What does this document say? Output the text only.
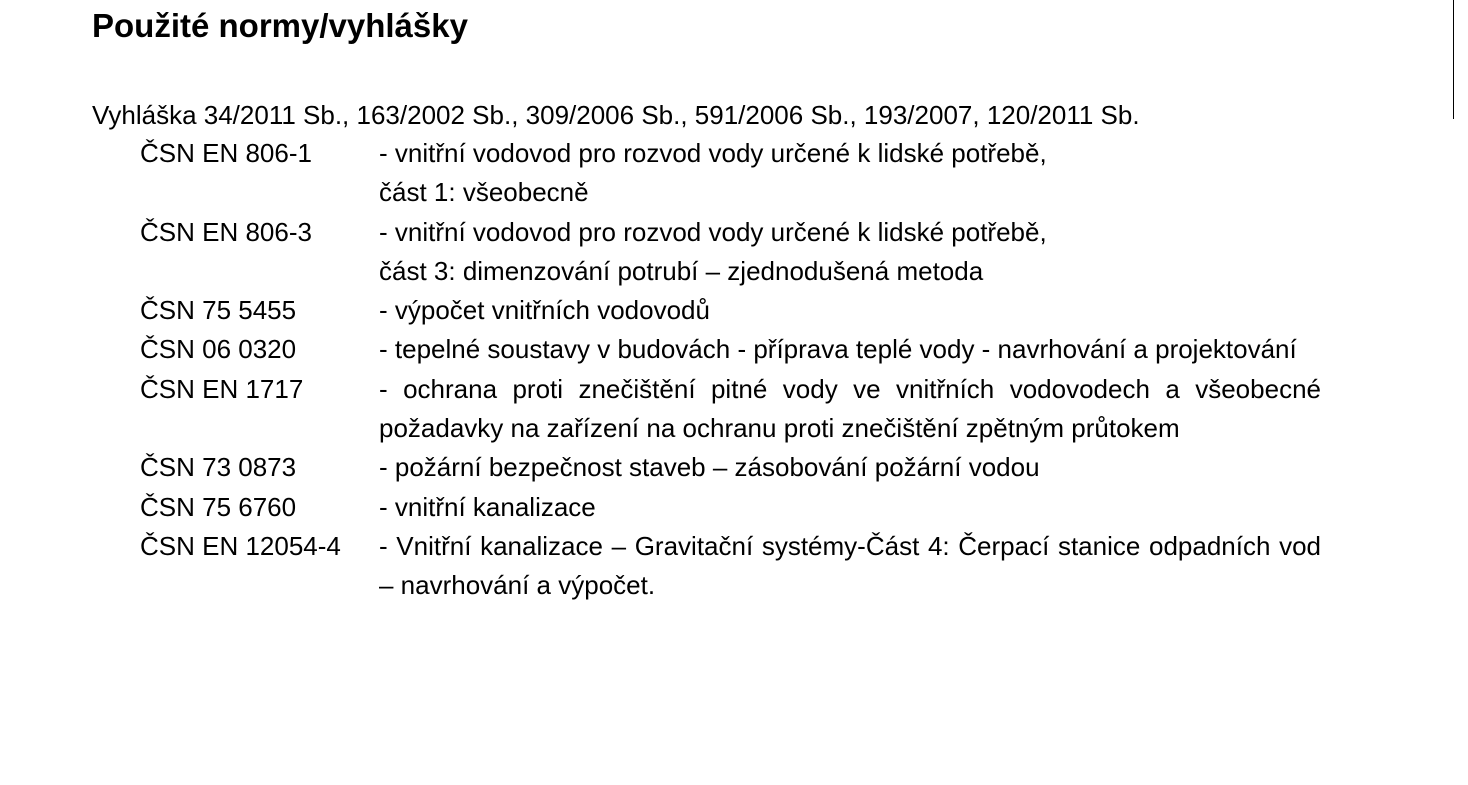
Použité normy/vyhlášky

Vyhláška 34/2011 Sb., 163/2002 Sb., 309/2006 Sb., 591/2006 Sb., 193/2007, 120/2011 Sb.

ČSN EN 806-1	- vnitřní vodovod pro rozvod vody určené k lidské potřebě,
část 1: všeobecně
ČSN EN 806-3	- vnitřní vodovod pro rozvod vody určené k lidské potřebě,
část 3: dimenzování potrubí – zjednodušená metoda
ČSN 75 5455	- výpočet vnitřních vodovodů
ČSN 06 0320	- tepelné soustavy v budovách - příprava teplé vody - navrhování a projektování
ČSN EN 1717	- ochrana proti znečištění pitné vody ve vnitřních vodovodech a všeobecné požadavky na zařízení na ochranu proti znečištění zpětným průtokem
ČSN 73 0873	- požární bezpečnost staveb – zásobování požární vodou
ČSN 75 6760	- vnitřní kanalizace
ČSN EN 12054-4	- Vnitřní kanalizace – Gravitační systémy-Část 4: Čerpací stanice odpadních vod – navrhování a výpočet.
